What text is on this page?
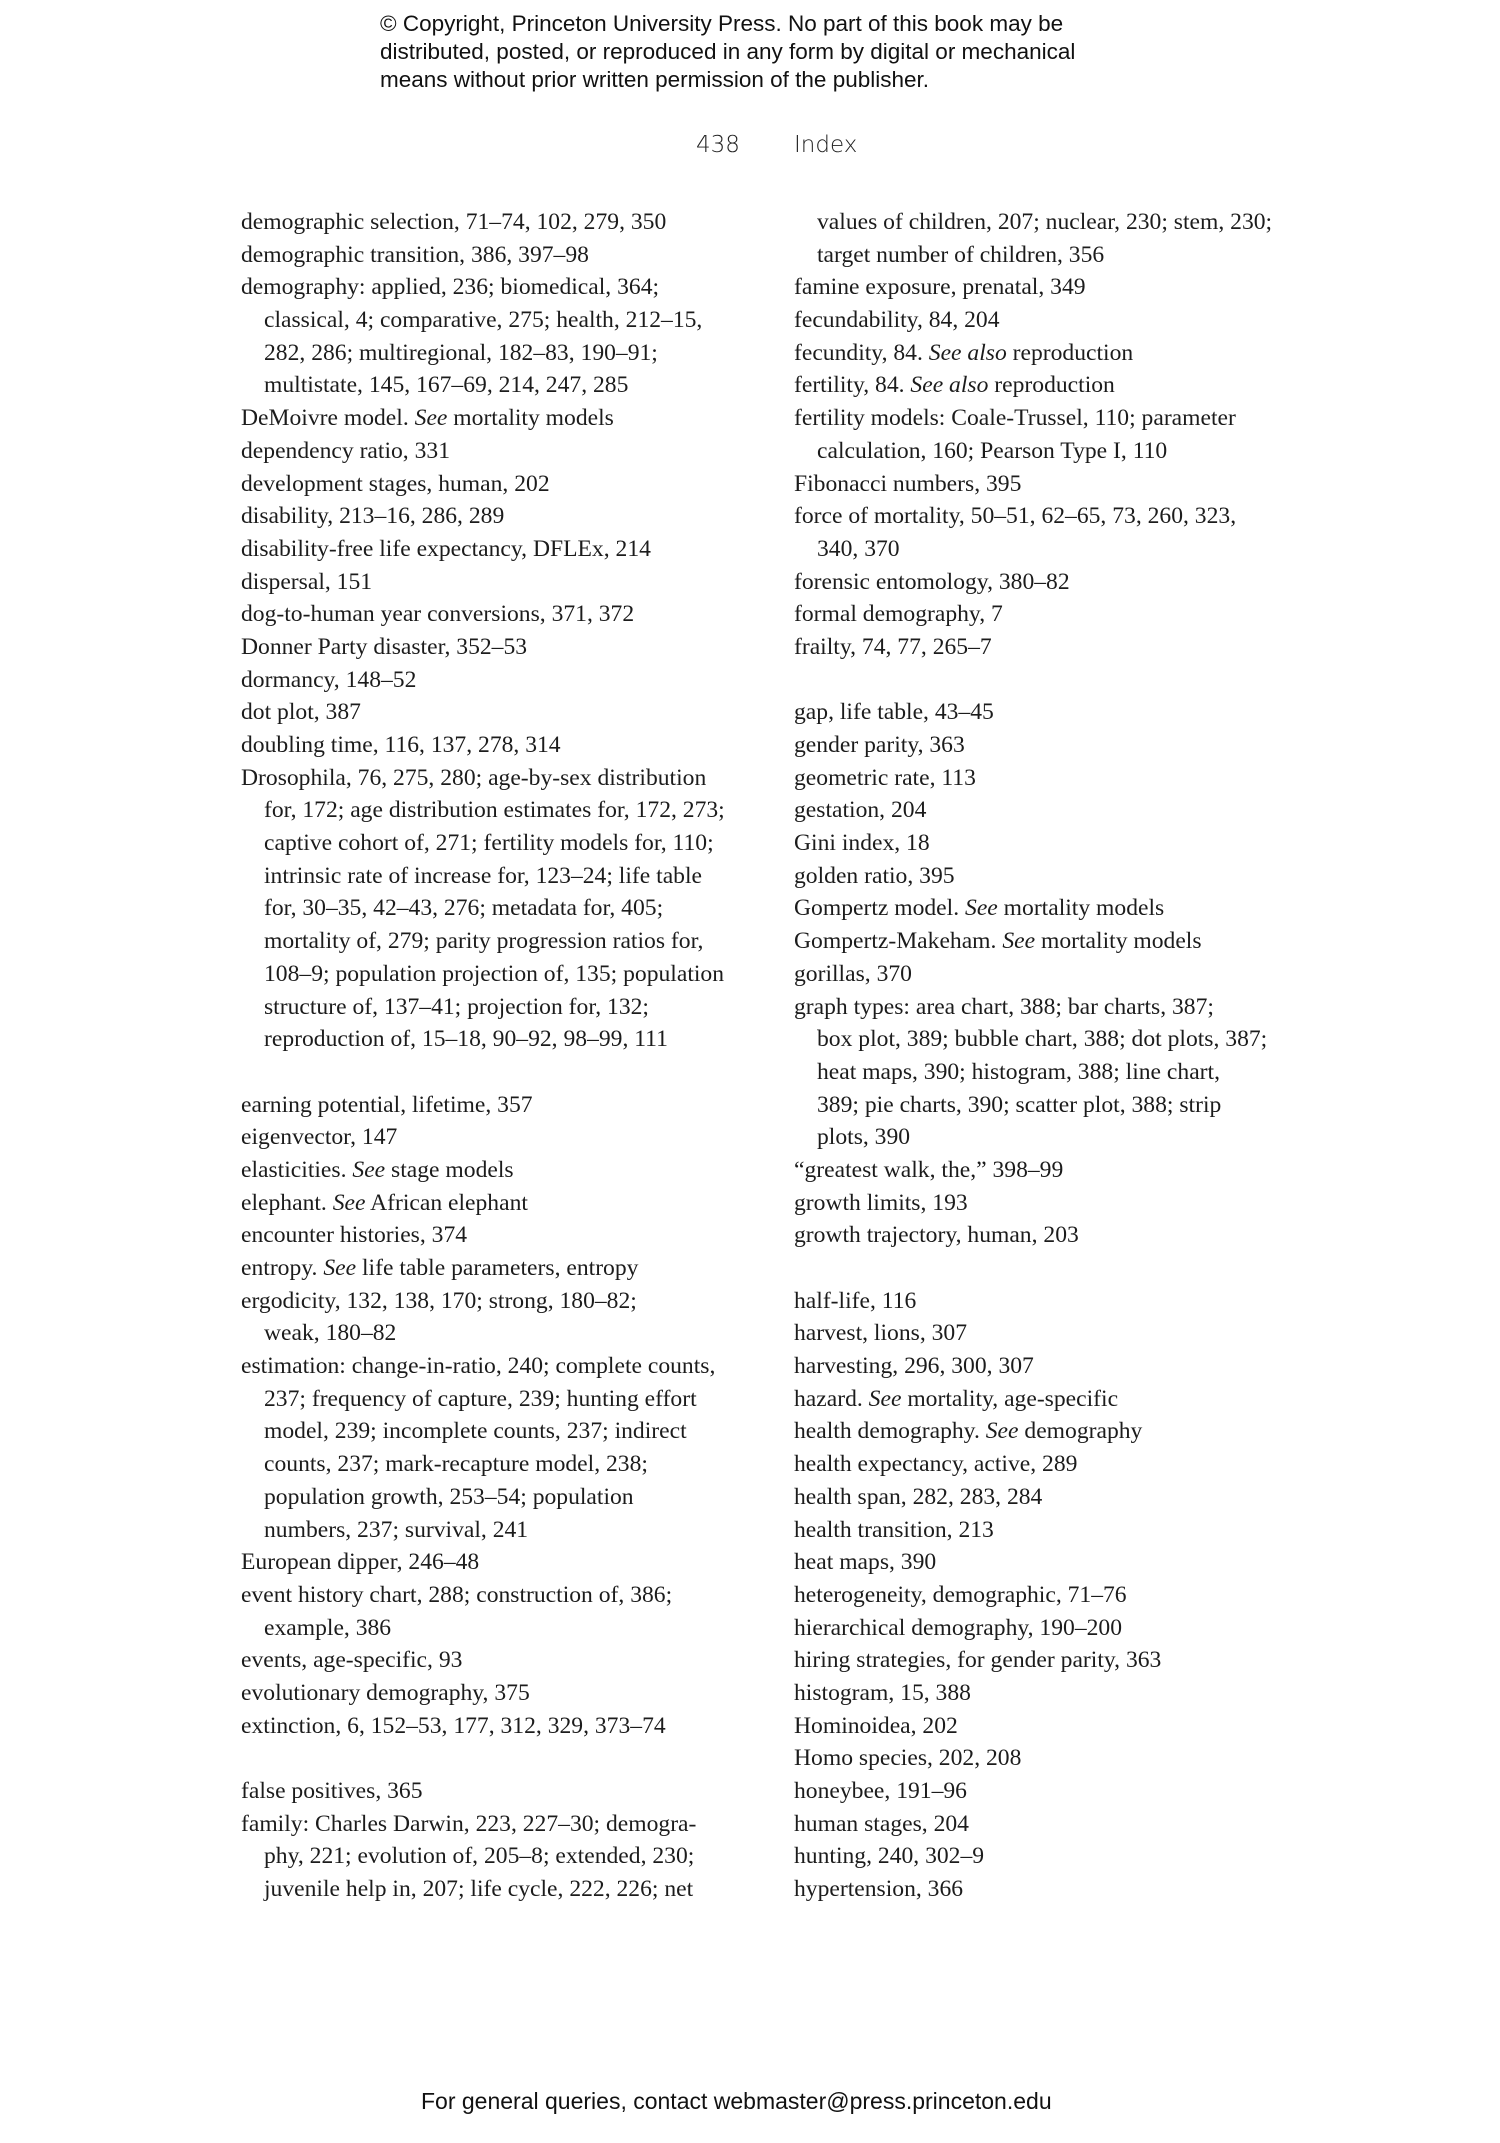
© Copyright, Princeton University Press. No part of this book may be
distributed, posted, or reproduced in any form by digital or mechanical
means without prior written permission of the publisher.
438 Index
demographic selection, 71–74, 102, 279, 350
demographic transition, 386, 397–98
demography: applied, 236; biomedical, 364;
classical, 4; comparative, 275; health, 212–15,
282, 286; multiregional, 182–83, 190–91;
multistate, 145, 167–69, 214, 247, 285
DeMoivre model. See mortality models
dependency ratio, 331
development stages, human, 202
disability, 213–16, 286, 289
disability-free life expectancy, DFLEx, 214
dispersal, 151
dog-to-human year conversions, 371, 372
Donner Party disaster, 352–53
dormancy, 148–52
dot plot, 387
doubling time, 116, 137, 278, 314
Drosophila, 76, 275, 280; age-by-sex distribution
for, 172; age distribution estimates for, 172, 273;
captive cohort of, 271; fertility models for, 110;
intrinsic rate of increase for, 123–24; life table
for, 30–35, 42–43, 276; metadata for, 405;
mortality of, 279; parity progression ratios for,
108–9; population projection of, 135; population
structure of, 137–41; projection for, 132;
reproduction of, 15–18, 90–92, 98–99, 111
earning potential, lifetime, 357
eigenvector, 147
elasticities. See stage models
elephant. See African elephant
encounter histories, 374
entropy. See life table parameters, entropy
ergodicity, 132, 138, 170; strong, 180–82;
weak, 180–82
estimation: change-in-ratio, 240; complete counts,
237; frequency of capture, 239; hunting effort
model, 239; incomplete counts, 237; indirect
counts, 237; mark-recapture model, 238;
population growth, 253–54; population
numbers, 237; survival, 241
European dipper, 246–48
event history chart, 288; construction of, 386;
example, 386
events, age-specific, 93
evolutionary demography, 375
extinction, 6, 152–53, 177, 312, 329, 373–74
false positives, 365
family: Charles Darwin, 223, 227–30; demogra-
phy, 221; evolution of, 205–8; extended, 230;
juvenile help in, 207; life cycle, 222, 226; net
values of children, 207; nuclear, 230; stem, 230;
target number of children, 356
famine exposure, prenatal, 349
fecundability, 84, 204
fecundity, 84. See also reproduction
fertility, 84. See also reproduction
fertility models: Coale-Trussel, 110; parameter
calculation, 160; Pearson Type I, 110
Fibonacci numbers, 395
force of mortality, 50–51, 62–65, 73, 260, 323,
340, 370
forensic entomology, 380–82
formal demography, 7
frailty, 74, 77, 265–7
gap, life table, 43–45
gender parity, 363
geometric rate, 113
gestation, 204
Gini index, 18
golden ratio, 395
Gompertz model. See mortality models
Gompertz-Makeham. See mortality models
gorillas, 370
graph types: area chart, 388; bar charts, 387;
box plot, 389; bubble chart, 388; dot plots, 387;
heat maps, 390; histogram, 388; line chart,
389; pie charts, 390; scatter plot, 388; strip
plots, 390
“greatest walk, the,” 398–99
growth limits, 193
growth trajectory, human, 203
half-life, 116
harvest, lions, 307
harvesting, 296, 300, 307
hazard. See mortality, age-specific
health demography. See demography
health expectancy, active, 289
health span, 282, 283, 284
health transition, 213
heat maps, 390
heterogeneity, demographic, 71–76
hierarchical demography, 190–200
hiring strategies, for gender parity, 363
histogram, 15, 388
Hominoidea, 202
Homo species, 202, 208
honeybee, 191–96
human stages, 204
hunting, 240, 302–9
hypertension, 366
For general queries, contact webmaster@press.princeton.edu
